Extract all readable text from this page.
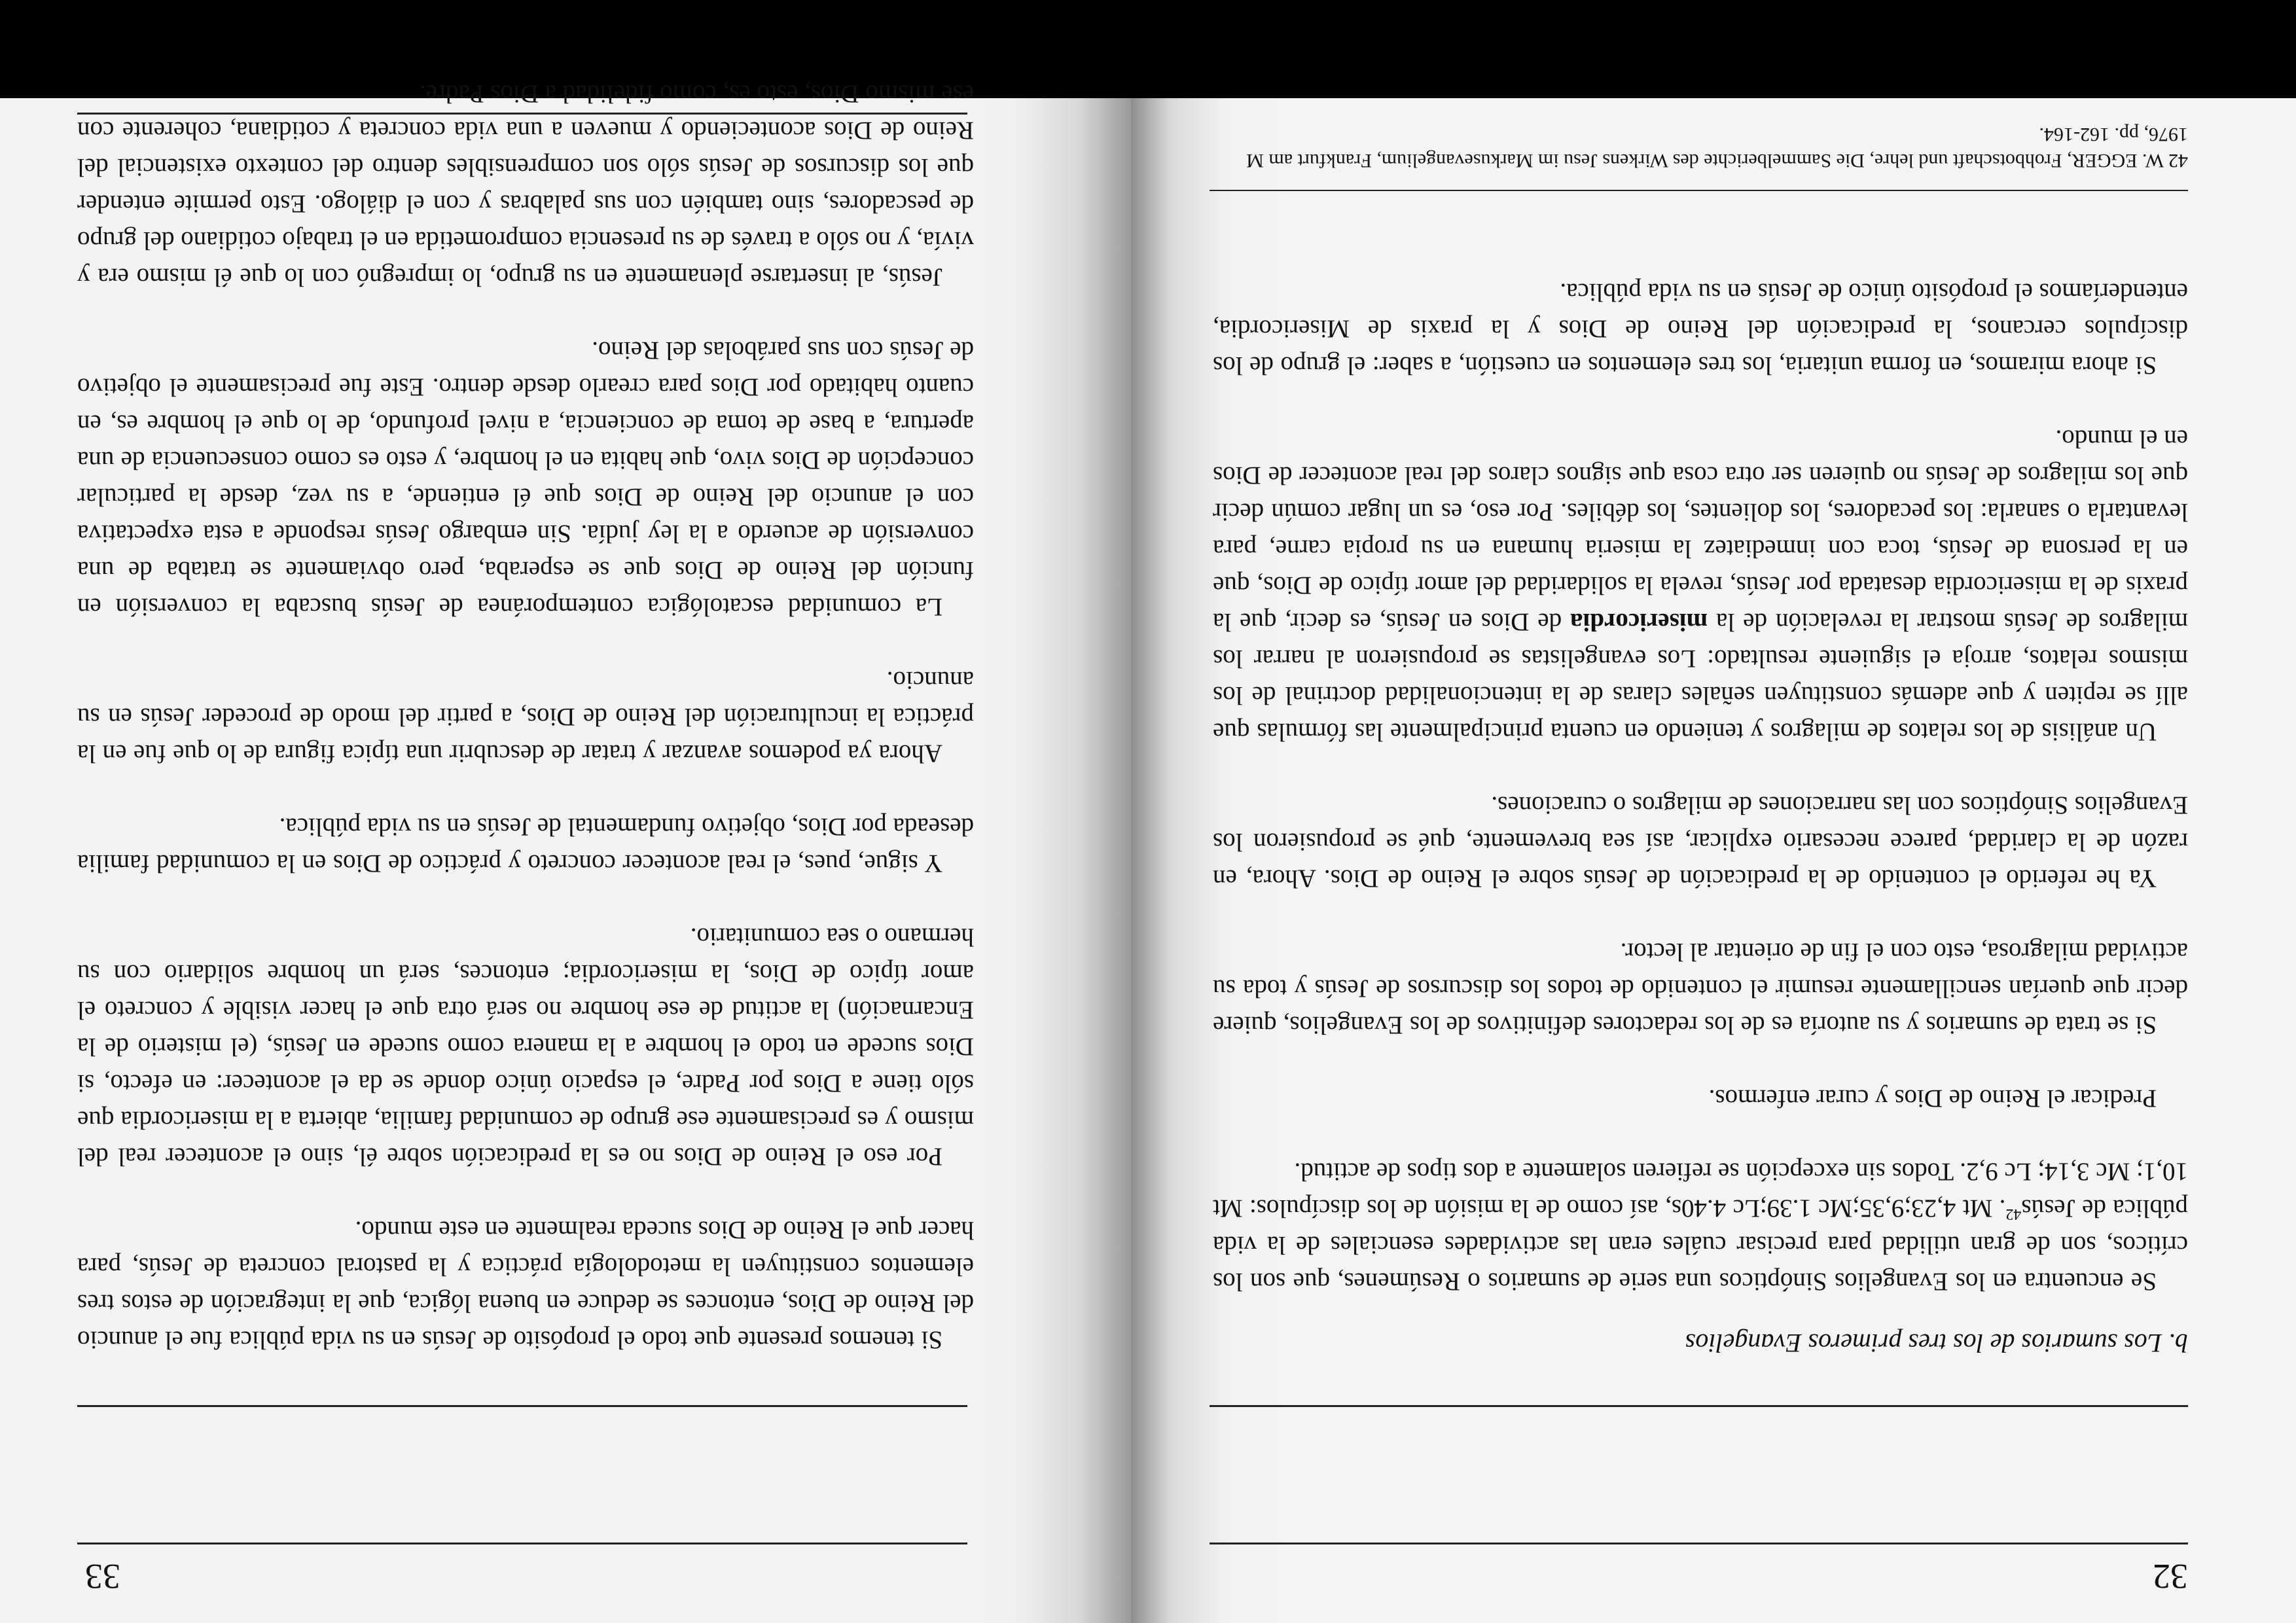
32

b. Los sumarios de los tres primeros Evangelios

Se encuentra en los Evangelios Sinópticos una serie de sumarios o Resúmenes, que son los críticos, son de gran utilidad para precisar cuáles eran las actividades esenciales de la vida pública de Jesús$^{42}$. Mt 4,23;9,35;Mc 1.39;Lc 4.40s, así como de la misión de los discípulos: Mt 10,1; Mc 3,14; Lc 9,2. Todos sin excepción se refieren solamente a dos tipos de actitud.

Predicar el Reino de Dios y curar enfermos.

Si se trata de sumarios y su autoría es de los redactores definitivos de los Evangelios, quiere decir que querían sencillamente resumir el contenido de todos los discursos de Jesús y toda su actividad milagrosa, esto con el fin de orientar al lector.

Ya he referido el contenido de la predicación de Jesús sobre el Reino de Dios. Ahora, en razón de la claridad, parece necesario explicar, así sea brevemente, qué se propusieron los Evangelios Sinópticos con las narraciones de milagros o curaciones.

Un análisis de los relatos de milagros y teniendo en cuenta principalmente las fórmulas que allí se repiten y que además constituyen señales claras de la intencionalidad doctrinal de los mismos relatos, arroja el siguiente resultado: Los evangelistas se propusieron al narrar los milagros de Jesús mostrar la revelación de la misericordia de Dios en Jesús, es decir, que la praxis de la misericordia desatada por Jesús, revela la solidaridad del amor típico de Dios, que en la persona de Jesús, toca con inmediatez la miseria humana en su propia carne, para levantarla o sanarla: los pecadores, los dolientes, los débiles. Por eso, es un lugar común decir que los milagros de Jesús no quieren ser otra cosa que signos claros del real acontecer de Dios en el mundo.

Si ahora miramos, en forma unitaria, los tres elementos en cuestión, a saber: el grupo de los discípulos cercanos, la predicación del Reino de Dios y la praxis de Misericordia, entenderíamos el propósito único de Jesús en su vida pública.

42 W. EGGER, Frohbotschaft und lehre, Die Sammelberichte des Wirkens Jesu im Markusevangelium, Frankfurt am M 1976, pp. 162-164.
33

Si tenemos presente que todo el propósito de Jesús en su vida pública fue el anuncio del Reino de Dios, entonces se deduce en buena lógica, que la integración de estos tres elementos constituyen la metodología práctica y la pastoral concreta de Jesús, para hacer que el Reino de Dios suceda realmente en este mundo.

Por eso el Reino de Dios no es la predicación sobre él, sino el acontecer real del mismo y es precisamente ese grupo de comunidad familia, abierta a la misericordia que sólo tiene a Dios por Padre, el espacio único donde se da el acontecer: en efecto, si Dios sucede en todo el hombre a la manera como sucede en Jesús, (el misterio de la Encarnación) la actitud de ese hombre no será otra que el hacer visible y concreto el amor típico de Dios, la misericordia; entonces, será un hombre solidario con su hermano o sea comunitario.

Y sigue, pues, el real acontecer concreto y práctico de Dios en la comunidad familia deseada por Dios, objetivo fundamental de Jesús en su vida pública.

Ahora ya podemos avanzar y tratar de descubrir una típica figura de lo que fue en la práctica la inculturación del Reino de Dios, a partir del modo de proceder Jesús en su anuncio.

La comunidad escatológica contemporánea de Jesús buscaba la conversión en función del Reino de Dios que se esperaba, pero obviamente se trataba de una conversión de acuerdo a la ley judía. Sin embargo Jesús responde a esta expectativa con el anuncio del Reino de Dios que él entiende, a su vez, desde la particular concepción de Dios vivo, que habita en el hombre, y esto es como consecuencia de una apertura, a base de toma de conciencia, a nivel profundo, de lo que el hombre es, en cuanto habitado por Dios para crearlo desde dentro. Este fue precisamente el objetivo de Jesús con sus parábolas del Reino.

Jesús, al insertarse plenamente en su grupo, lo impregnó con lo que él mismo era y vivía, y no sólo a través de su presencia comprometida en el trabajo cotidiano del grupo de pescadores, sino también con sus palabras y con el diálogo. Esto permite entender que los discursos de Jesús sólo son comprensibles dentro del contexto existencial del Reino de Dios aconteciendo y mueven a una vida concreta y cotidiana, coherente con ese mismo Dios, esto es, como fidelidad a Dios Padre.
